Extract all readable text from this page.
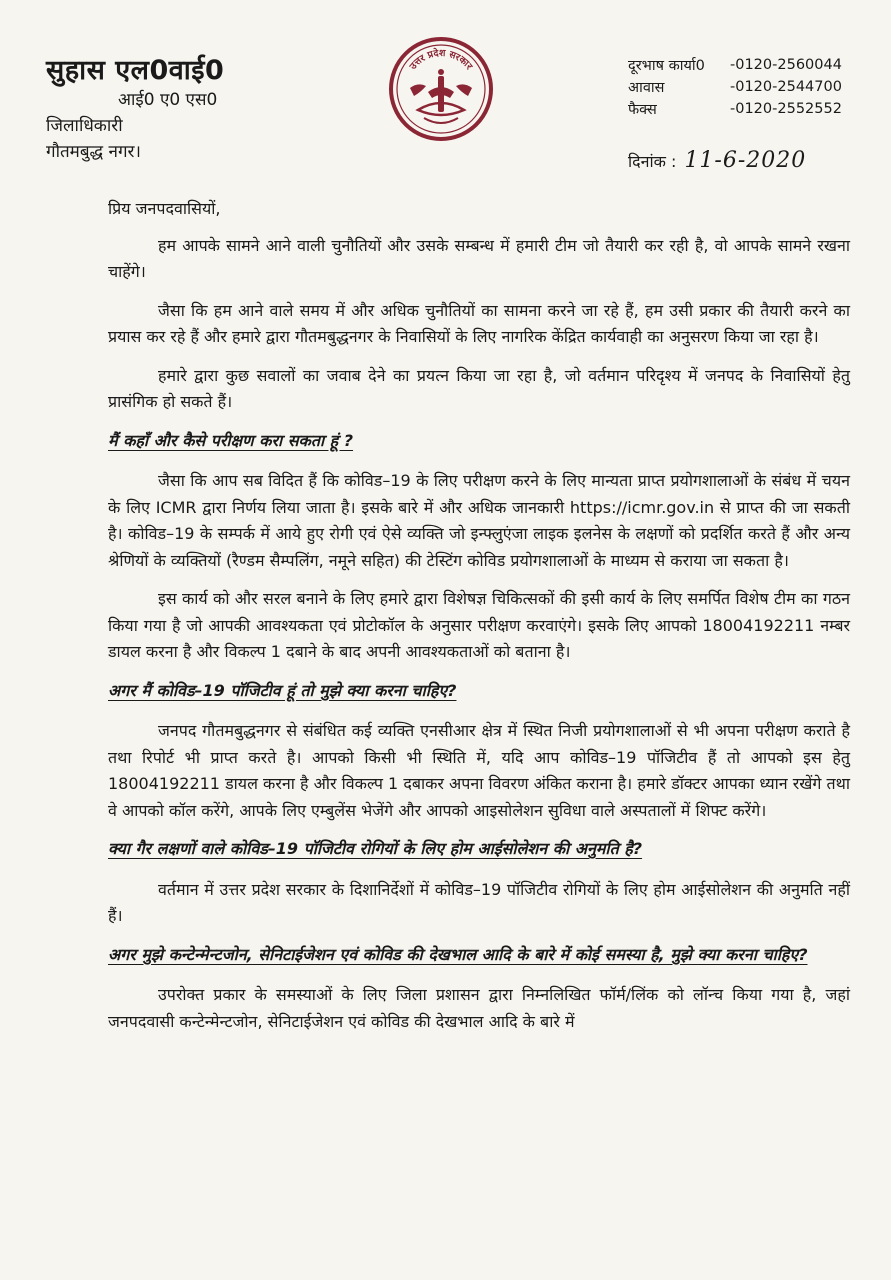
सुहास एल0वाई0
आई0 ए0 एस0
जिलाधिकारी
गौतमबुद्ध नगर।
उत्तर प्रदेश सरकार	दूरभाष कार्या0	-0120-2560044
आवास	-0120-2544700
फैक्स	-0120-2552552
दिनांक : 11-6-2020

प्रिय जनपदवासियों,

हम आपके सामने आने वाली चुनौतियों और उसके सम्बन्ध में हमारी टीम जो तैयारी कर रही है, वो आपके सामने रखना चाहेंगे।

जैसा कि हम आने वाले समय में और अधिक चुनौतियों का सामना करने जा रहे हैं, हम उसी प्रकार की तैयारी करने का प्रयास कर रहे हैं और हमारे द्वारा गौतमबुद्धनगर के निवासियों के लिए नागरिक केंद्रित कार्यवाही का अनुसरण किया जा रहा है।

हमारे द्वारा कुछ सवालों का जवाब देने का प्रयत्न किया जा रहा है, जो वर्तमान परिदृश्य में जनपद के निवासियों हेतु प्रासंगिक हो सकते हैं।

मैं कहाँ और कैसे परीक्षण करा सकता हूं ?

जैसा कि आप सब विदित हैं कि कोविड–19 के लिए परीक्षण करने के लिए मान्यता प्राप्त प्रयोगशालाओं के संबंध में चयन के लिए ICMR द्वारा निर्णय लिया जाता है। इसके बारे में और अधिक जानकारी https://icmr.gov.in से प्राप्त की जा सकती है। कोविड–19 के सम्पर्क में आये हुए रोगी एवं ऐसे व्यक्ति जो इन्फ्लुएंजा लाइक इलनेस के लक्षणों को प्रदर्शित करते हैं और अन्य श्रेणियों के व्यक्तियों (रैण्डम सैम्पलिंग, नमूने सहित) की टेस्टिंग कोविड प्रयोगशालाओं के माध्यम से कराया जा सकता है।

इस कार्य को और सरल बनाने के लिए हमारे द्वारा विशेषज्ञ चिकित्सकों की इसी कार्य के लिए समर्पित विशेष टीम का गठन किया गया है जो आपकी आवश्यकता एवं प्रोटोकॉल के अनुसार परीक्षण करवाएंगे। इसके लिए आपको 18004192211 नम्बर डायल करना है और विकल्प 1 दबाने के बाद अपनी आवश्यकताओं को बताना है।

अगर मैं कोविड–19 पॉजिटीव हूं तो मुझे क्या करना चाहिए?

जनपद गौतमबुद्धनगर से संबंधित कई व्यक्ति एनसीआर क्षेत्र में स्थित निजी प्रयोगशालाओं से भी अपना परीक्षण कराते है तथा रिपोर्ट भी प्राप्त करते है। आपको किसी भी स्थिति में, यदि आप कोविड–19 पॉजिटीव हैं तो आपको इस हेतु 18004192211 डायल करना है और विकल्प 1 दबाकर अपना विवरण अंकित कराना है। हमारे डॉक्टर आपका ध्यान रखेंगे तथा वे आपको कॉल करेंगे, आपके लिए एम्बुलेंस भेजेंगे और आपको आइसोलेशन सुविधा वाले अस्पतालों में शिफ्ट करेंगे।

क्या गैर लक्षणों वाले कोविड–19 पॉजिटीव रोगियों के लिए होम आईसोलेशन की अनुमति है?

वर्तमान में उत्तर प्रदेश सरकार के दिशानिर्देशों में कोविड–19 पॉजिटीव रोगियों के लिए होम आईसोलेशन की अनुमति नहीं हैं।

अगर मुझे कन्टेन्मेन्टजोन, सेनिटाईजेशन एवं कोविड की देखभाल आदि के बारे में कोई समस्या है, मुझे क्या करना चाहिए?

उपरोक्त प्रकार के समस्याओं के लिए जिला प्रशासन द्वारा निम्नलिखित फॉर्म/लिंक को लॉन्च किया गया है, जहां जनपदवासी कन्टेन्मेन्टजोन, सेनिटाईजेशन एवं कोविड की देखभाल आदि के बारे में
